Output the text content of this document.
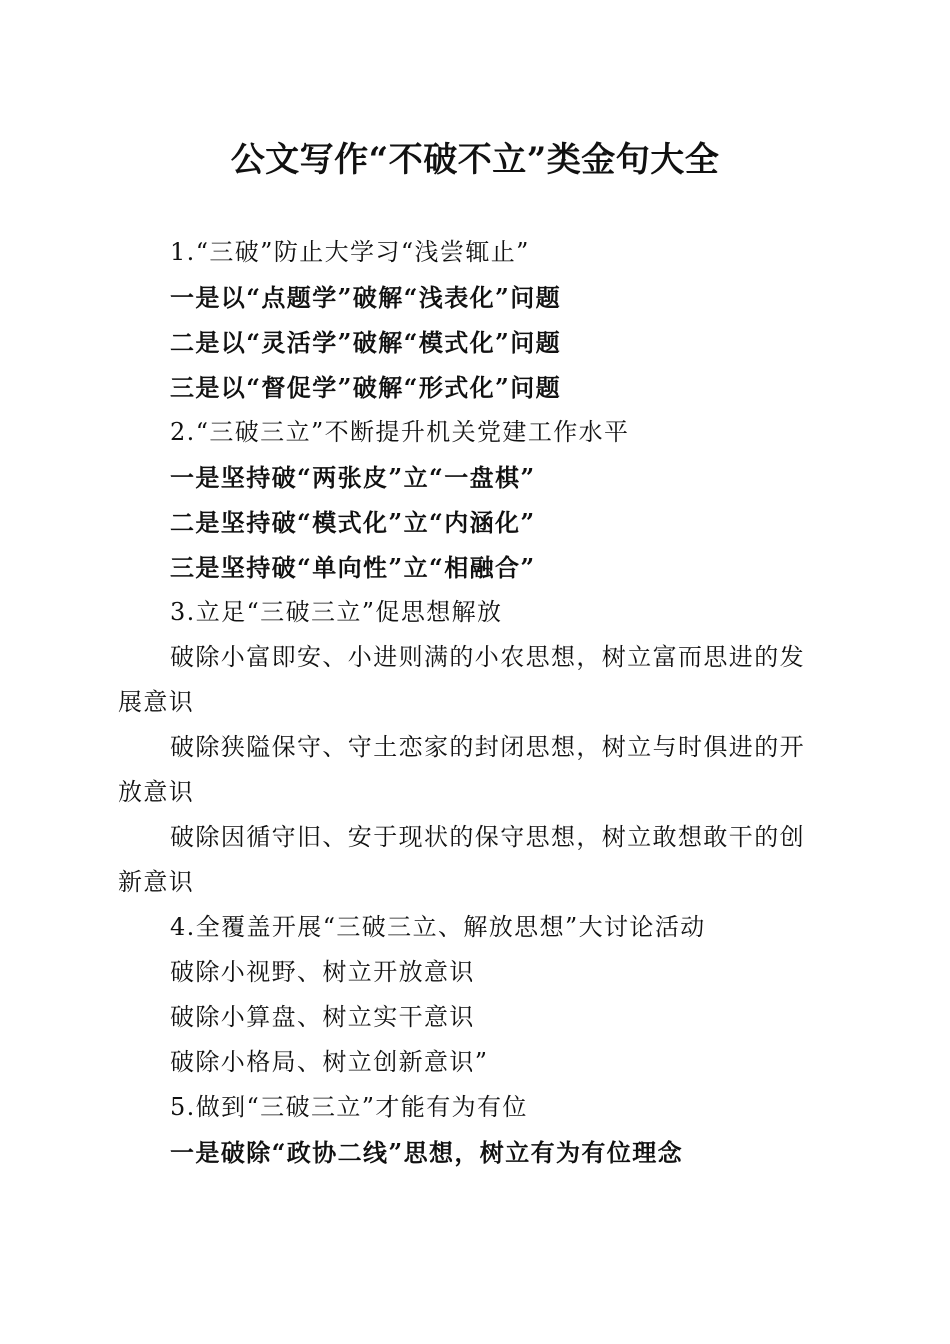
公文写作“不破不立”类金句大全

1.“三破”防止大学习“浅尝辄止”

一是以“点题学”破解“浅表化”问题

二是以“灵活学”破解“模式化”问题

三是以“督促学”破解“形式化”问题

2.“三破三立”不断提升机关党建工作水平

一是坚持破“两张皮”立“一盘棋”

二是坚持破“模式化”立“内涵化”

三是坚持破“单向性”立“相融合”

3.立足“三破三立”促思想解放

破除小富即安、小进则满的小农思想，树立富而思进的发展意识

破除狭隘保守、守土恋家的封闭思想，树立与时俱进的开放意识

破除因循守旧、安于现状的保守思想，树立敢想敢干的创新意识

4.全覆盖开展“三破三立、解放思想”大讨论活动

破除小视野、树立开放意识

破除小算盘、树立实干意识

破除小格局、树立创新意识”

5.做到“三破三立”才能有为有位

一是破除“政协二线”思想，树立有为有位理念
